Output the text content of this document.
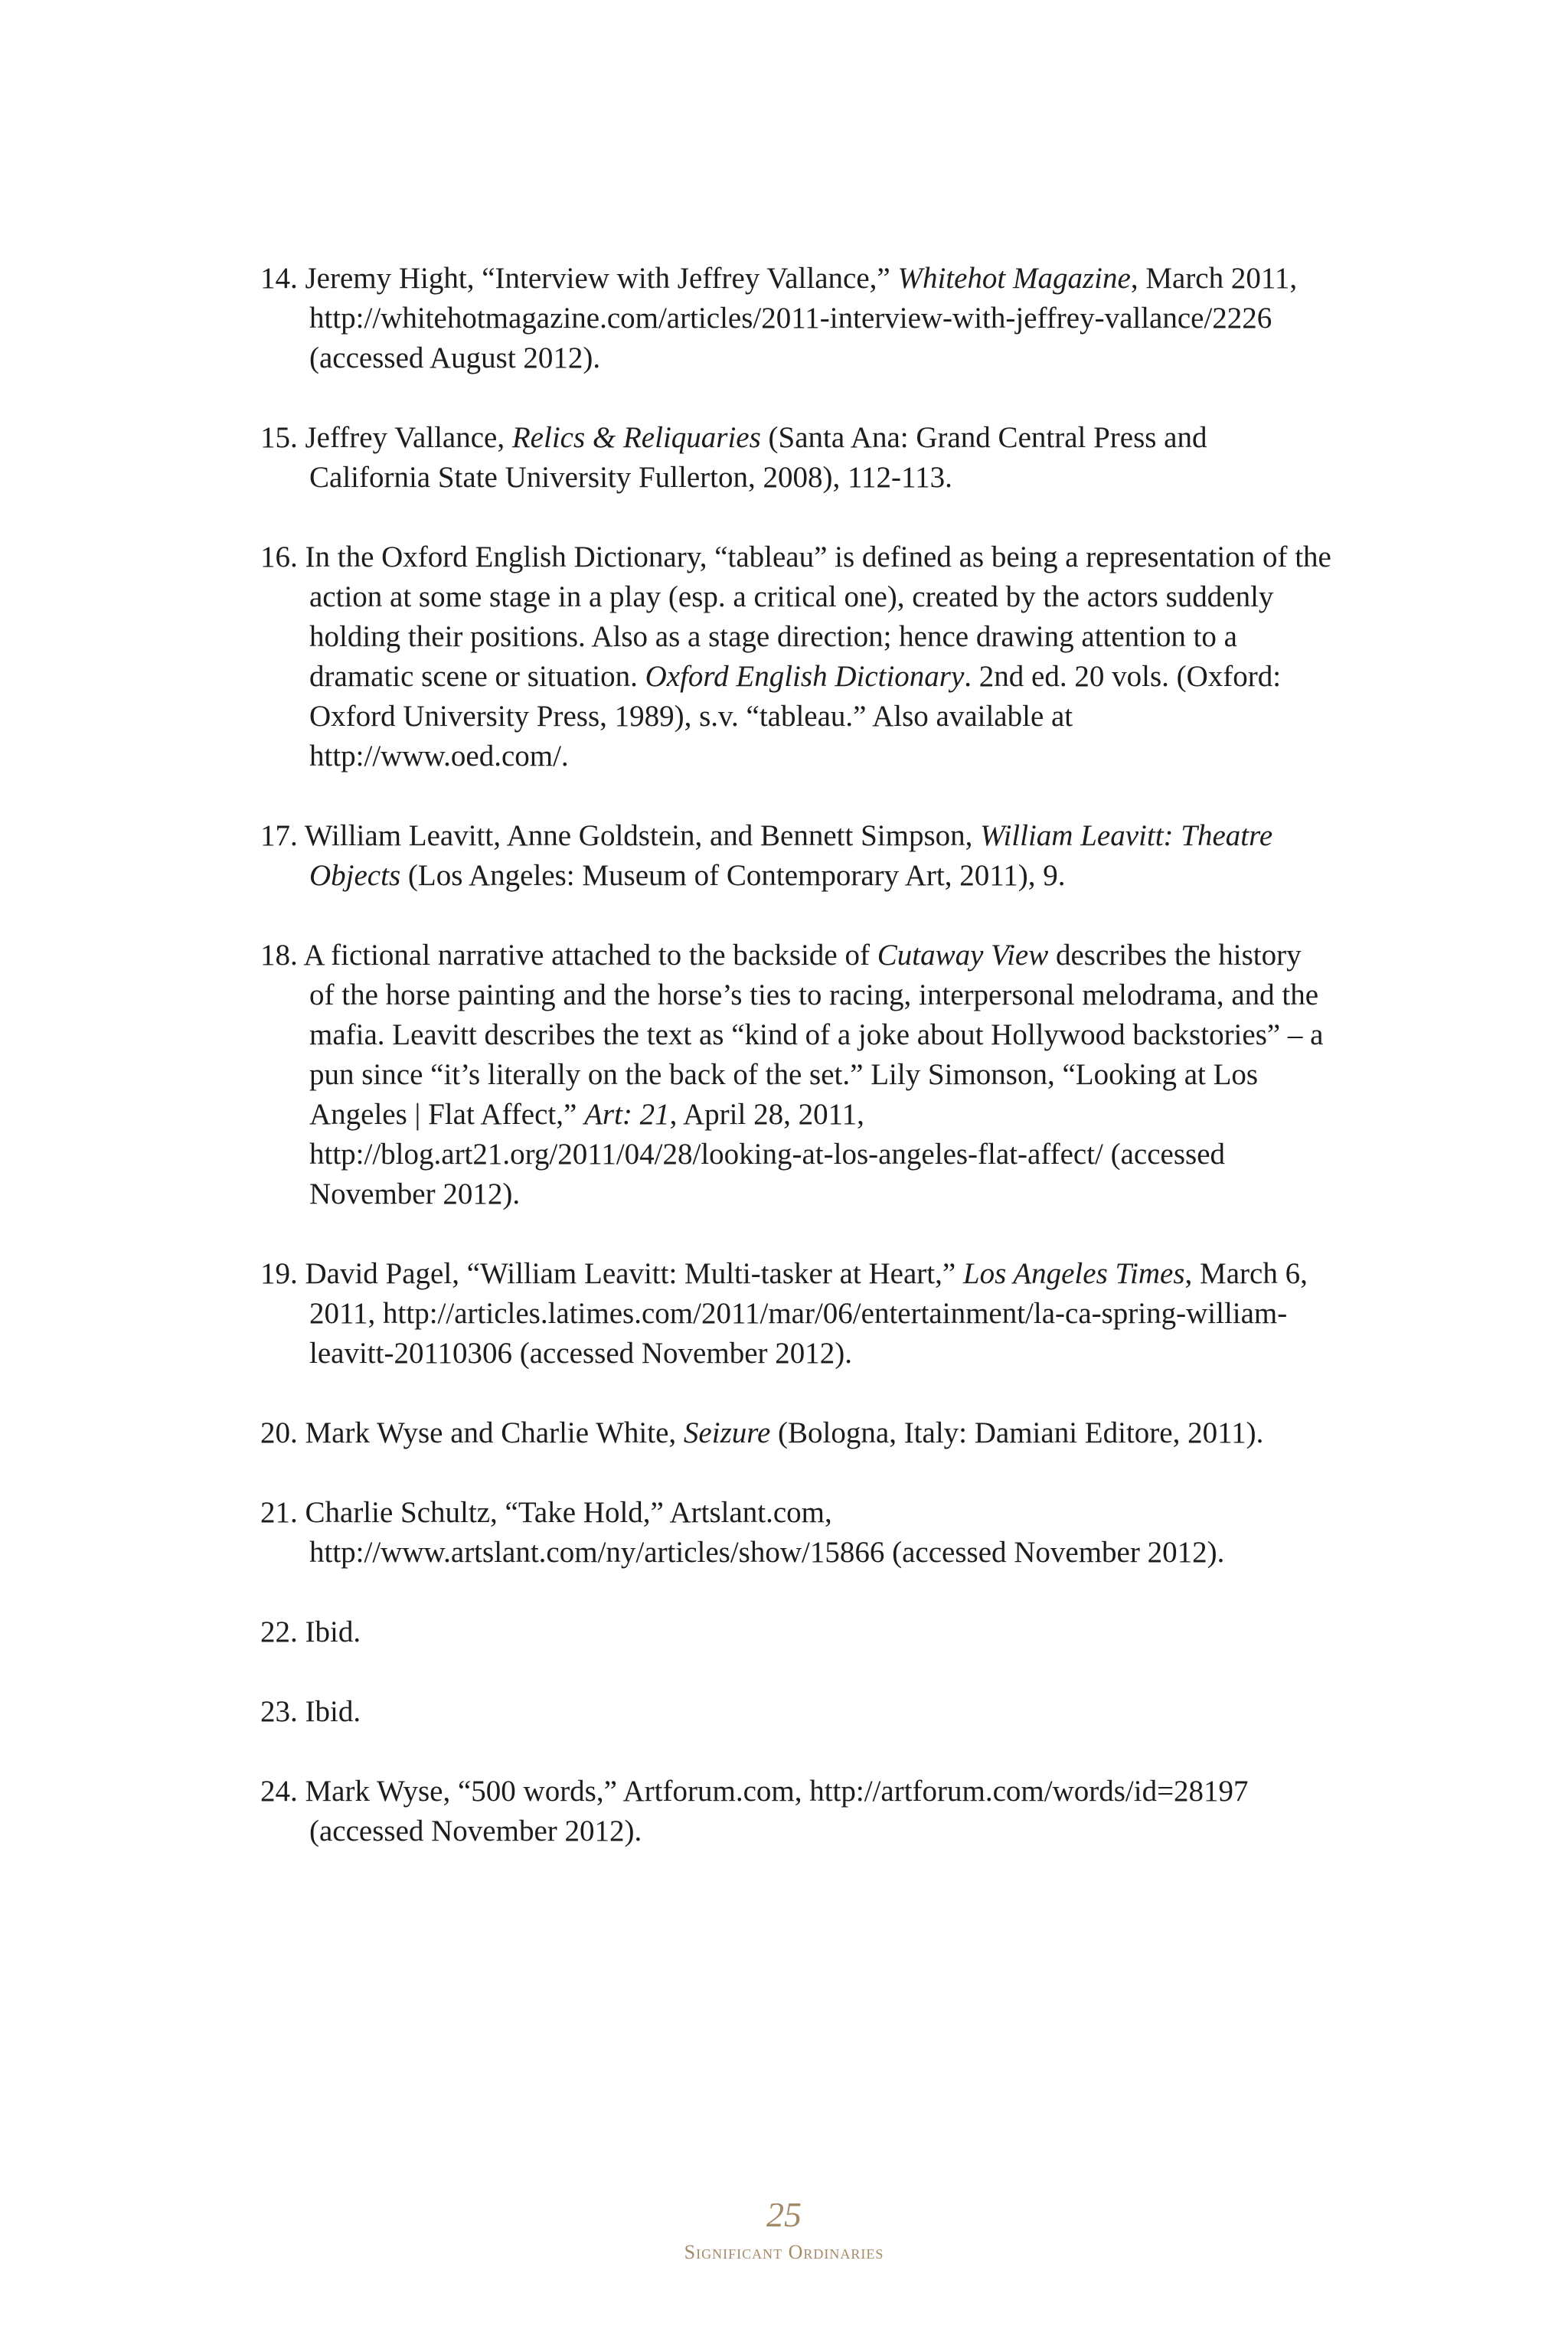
14. Jeremy Hight, “Interview with Jeffrey Vallance,” Whitehot Magazine, March 2011, http://whitehotmagazine.com/articles/2011-interview-with-jeffrey-vallance/2226 (accessed August 2012).

15. Jeffrey Vallance, Relics & Reliquaries (Santa Ana: Grand Central Press and California State University Fullerton, 2008), 112-113.

16. In the Oxford English Dictionary, “tableau” is defined as being a representation of the action at some stage in a play (esp. a critical one), created by the actors suddenly holding their positions. Also as a stage direction; hence drawing attention to a dramatic scene or situation. Oxford English Dictionary. 2nd ed. 20 vols. (Oxford: Oxford University Press, 1989), s.v. “tableau.” Also available at http://www.oed.com/.

17. William Leavitt, Anne Goldstein, and Bennett Simpson, William Leavitt: Theatre Objects (Los Angeles: Museum of Contemporary Art, 2011), 9.

18. A fictional narrative attached to the backside of Cutaway View describes the history of the horse painting and the horse’s ties to racing, interpersonal melodrama, and the mafia. Leavitt describes the text as “kind of a joke about Hollywood backstories” – a pun since “it’s literally on the back of the set.” Lily Simonson, “Looking at Los Angeles | Flat Affect,” Art: 21, April 28, 2011, http://blog.art21.org/2011/04/28/looking-at-los-angeles-flat-affect/ (accessed November 2012).

19. David Pagel, “William Leavitt: Multi-tasker at Heart,” Los Angeles Times, March 6, 2011, http://articles.latimes.com/2011/mar/06/entertainment/la-ca-spring-william-leavitt-20110306 (accessed November 2012).

20. Mark Wyse and Charlie White, Seizure (Bologna, Italy: Damiani Editore, 2011).

21. Charlie Schultz, “Take Hold,” Artslant.com, http://www.artslant.com/ny/articles/show/15866 (accessed November 2012).

22. Ibid.

23. Ibid.

24. Mark Wyse, “500 words,” Artforum.com, http://artforum.com/words/id=28197 (accessed November 2012).

25
Significant Ordinaries
